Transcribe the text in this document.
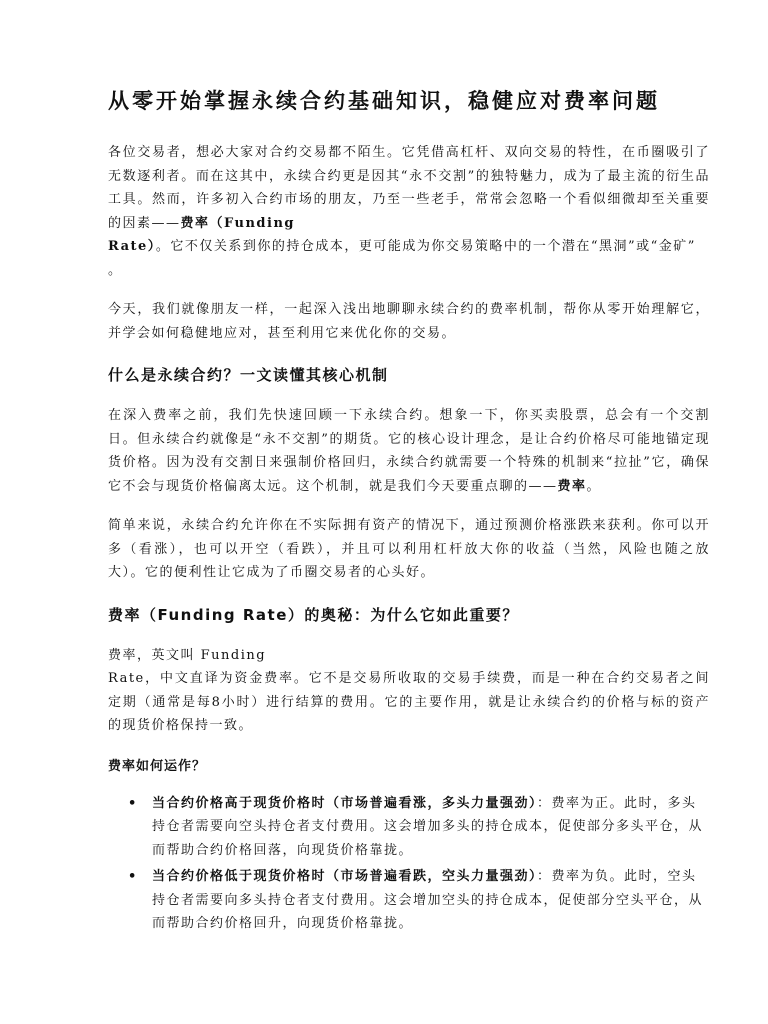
从零开始掌握永续合约基础知识，稳健应对费率问题

各位交易者，想必大家对合约交易都不陌生。它凭借高杠杆、双向交易的特性，在币圈吸引了无数逐利者。而在这其中，永续合约更是因其“永不交割”的独特魅力，成为了最主流的衍生品工具。然而，许多初入合约市场的朋友，乃至一些老手，常常会忽略一个看似细微却至关重要的因素——费率（Funding
Rate）。它不仅关系到你的持仓成本，更可能成为你交易策略中的一个潜在“黑洞”或“金矿”
。

今天，我们就像朋友一样，一起深入浅出地聊聊永续合约的费率机制，帮你从零开始理解它，并学会如何稳健地应对，甚至利用它来优化你的交易。

什么是永续合约？一文读懂其核心机制

在深入费率之前，我们先快速回顾一下永续合约。想象一下，你买卖股票，总会有一个交割日。但永续合约就像是“永不交割”的期货。它的核心设计理念，是让合约价格尽可能地锚定现货价格。因为没有交割日来强制价格回归，永续合约就需要一个特殊的机制来“拉扯”它，确保它不会与现货价格偏离太远。这个机制，就是我们今天要重点聊的——费率。

简单来说，永续合约允许你在不实际拥有资产的情况下，通过预测价格涨跌来获利。你可以开多（看涨），也可以开空（看跌），并且可以利用杠杆放大你的收益（当然，风险也随之放大）。它的便利性让它成为了币圈交易者的心头好。

费率（Funding Rate）的奥秘：为什么它如此重要？

费率，英文叫 Funding
Rate，中文直译为资金费率。它不是交易所收取的交易手续费，而是一种在合约交易者之间定期（通常是每8小时）进行结算的费用。它的主要作用，就是让永续合约的价格与标的资产的现货价格保持一致。

费率如何运作？
• 当合约价格高于现货价格时（市场普遍看涨，多头力量强劲）：费率为正。此时，多头持仓者需要向空头持仓者支付费用。这会增加多头的持仓成本，促使部分多头平仓，从而帮助合约价格回落，向现货价格靠拢。
• 当合约价格低于现货价格时（市场普遍看跌，空头力量强劲）：费率为负。此时，空头持仓者需要向多头持仓者支付费用。这会增加空头的持仓成本，促使部分空头平仓，从而帮助合约价格回升，向现货价格靠拢。
